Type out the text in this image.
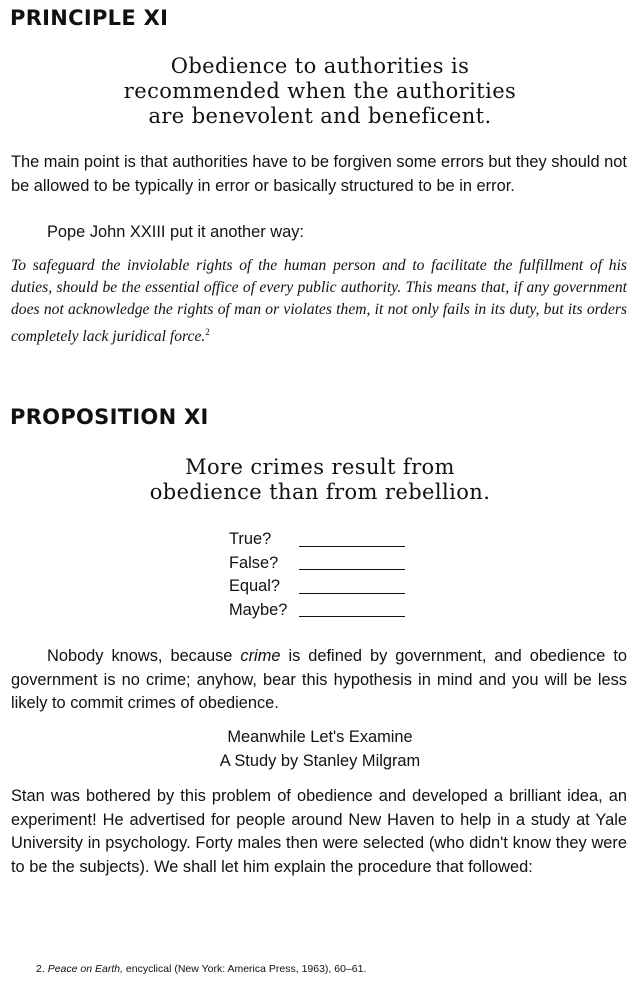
PRINCIPLE XI
Obedience to authorities is
recommended when the authorities
are benevolent and beneficent.
The main point is that authorities have to be forgiven some errors but they should not be allowed to be typically in error or basically structured to be in error.
Pope John XXIII put it another way:
To safeguard the inviolable rights of the human person and to facilitate the fulfillment of his duties, should be the essential office of every public authority. This means that, if any government does not acknowledge the rights of man or violates them, it not only fails in its duty, but its orders completely lack juridical force.$^2$
PROPOSITION XI
More crimes result from
obedience than from rebellion.
True?
False?
Equal?
Maybe?
Nobody knows, because crime is defined by government, and obedience to government is no crime; anyhow, bear this hypothesis in mind and you will be less likely to commit crimes of obedience.
Meanwhile Let's Examine
A Study by Stanley Milgram
Stan was bothered by this problem of obedience and developed a brilliant idea, an experiment! He advertised for people around New Haven to help in a study at Yale University in psychology. Forty males then were selected (who didn't know they were to be the subjects). We shall let him explain the procedure that followed:
2. Peace on Earth, encyclical (New York: America Press, 1963), 60–61.
